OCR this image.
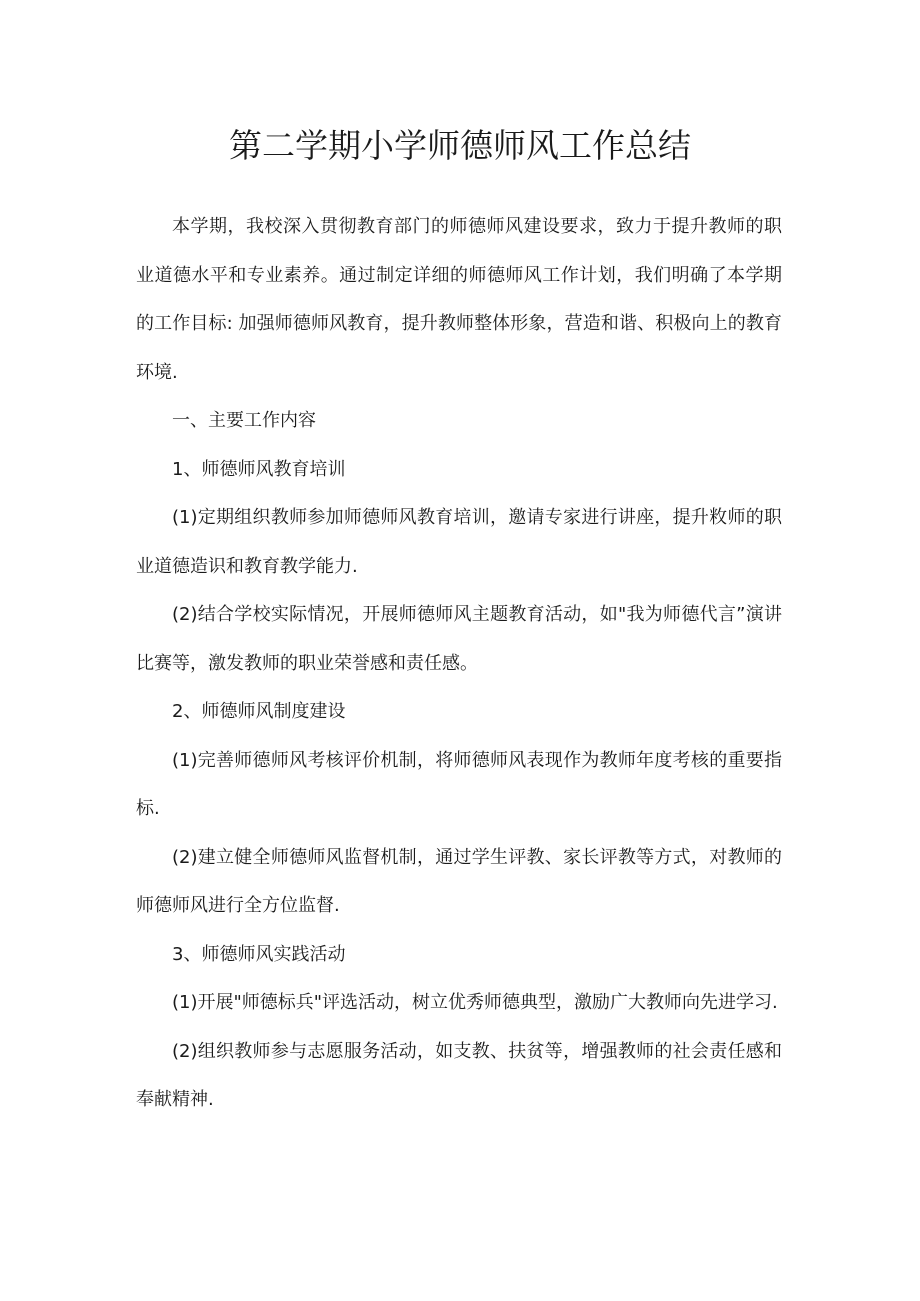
第二学期小学师德师风工作总结

本学期，我校深入贯彻教育部门的师德师风建设要求，致力于提升教师的职业道德水平和专业素养。通过制定详细的师德师风工作计划，我们明确了本学期的工作目标: 加强师德师风教育，提升教师整体形象，营造和谐、积极向上的教育环境.

一、主要工作内容

1、师德师风教育培训

(1)定期组织教师参加师德师风教育培训，邀请专家进行讲座，提升敉师的职业道德造识和教育教学能力.

(2)结合学校实际情况，开展师德师风主题教育活动，如"我为师德代言”演讲比赛等，激发教师的职业荣誉感和责任感。

2、师德师风制度建设

(1)完善师德师风考核评价机制，将师德师风表现作为教师年度考核的重要指标.

(2)建立健全师德师风监督机制，通过学生评教、家长评教等方式，对教师的师德师风进行全方位监督.

3、师德师风实践活动

(1)开展"师德标兵"评选活动，树立优秀师德典型，激励广大教师向先进学习.

(2)组织教师参与志愿服务活动，如支教、扶贫等，增强教师的社会责任感和奉献精神.
